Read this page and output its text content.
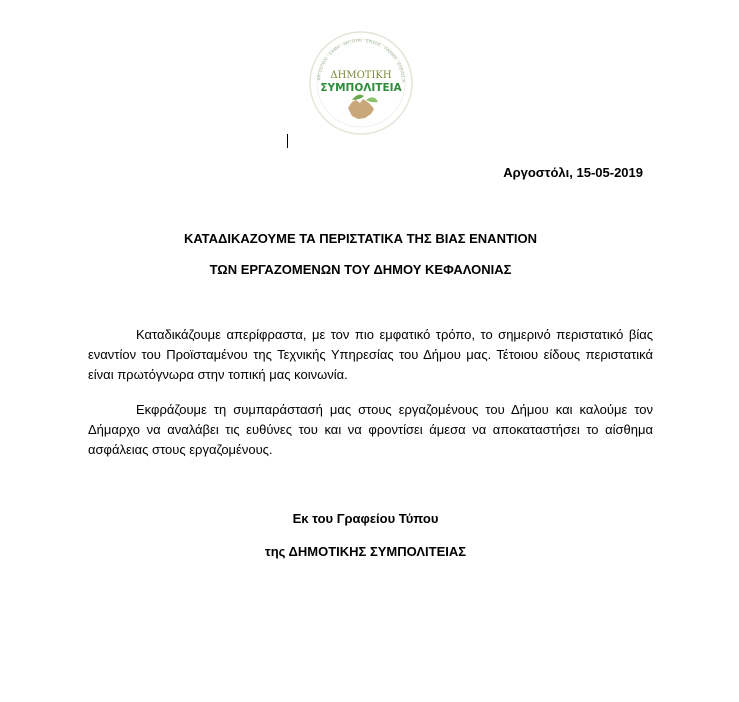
ΑΡΓΟΣΤΟΛΙ · ΣΑΜΗ · ΛΗΞΟΥΡΙ · ΕΡΙΣΟΣ · ΠΑΛΙΚΗ · ΕΛΕΙΟΣ-Π
ΔΗΜΟΤΙΚΗ
ΣΥΜΠΟΛΙΤΕΙΑ
Αργοστόλι, 15-05-2019
ΚΑΤΑΔΙΚΑΖΟΥΜΕ ΤΑ ΠΕΡΙΣΤΑΤΙΚΑ ΤΗΣ ΒΙΑΣ ΕΝΑΝΤΙΟΝ
ΤΩΝ ΕΡΓΑΖΟΜΕΝΩΝ ΤΟΥ ΔΗΜΟΥ ΚΕΦΑΛΟΝΙΑΣ
Καταδικάζουμε απερίφραστα, με τον πιο εμφατικό τρόπο, το σημερινό περιστατικό βίας εναντίον του Προϊσταμένου της Τεχνικής Υπηρεσίας του Δήμου μας. Τέτοιου είδους περιστατικά είναι πρωτόγνωρα στην τοπική μας κοινωνία.
Εκφράζουμε τη συμπαράστασή μας στους εργαζομένους του Δήμου και καλούμε τον Δήμαρχο να αναλάβει τις ευθύνες του και να φροντίσει άμεσα να αποκαταστήσει το αίσθημα ασφάλειας στους εργαζομένους.
Εκ του Γραφείου Τύπου
της ΔΗΜΟΤΙΚΗΣ ΣΥΜΠΟΛΙΤΕΙΑΣ
